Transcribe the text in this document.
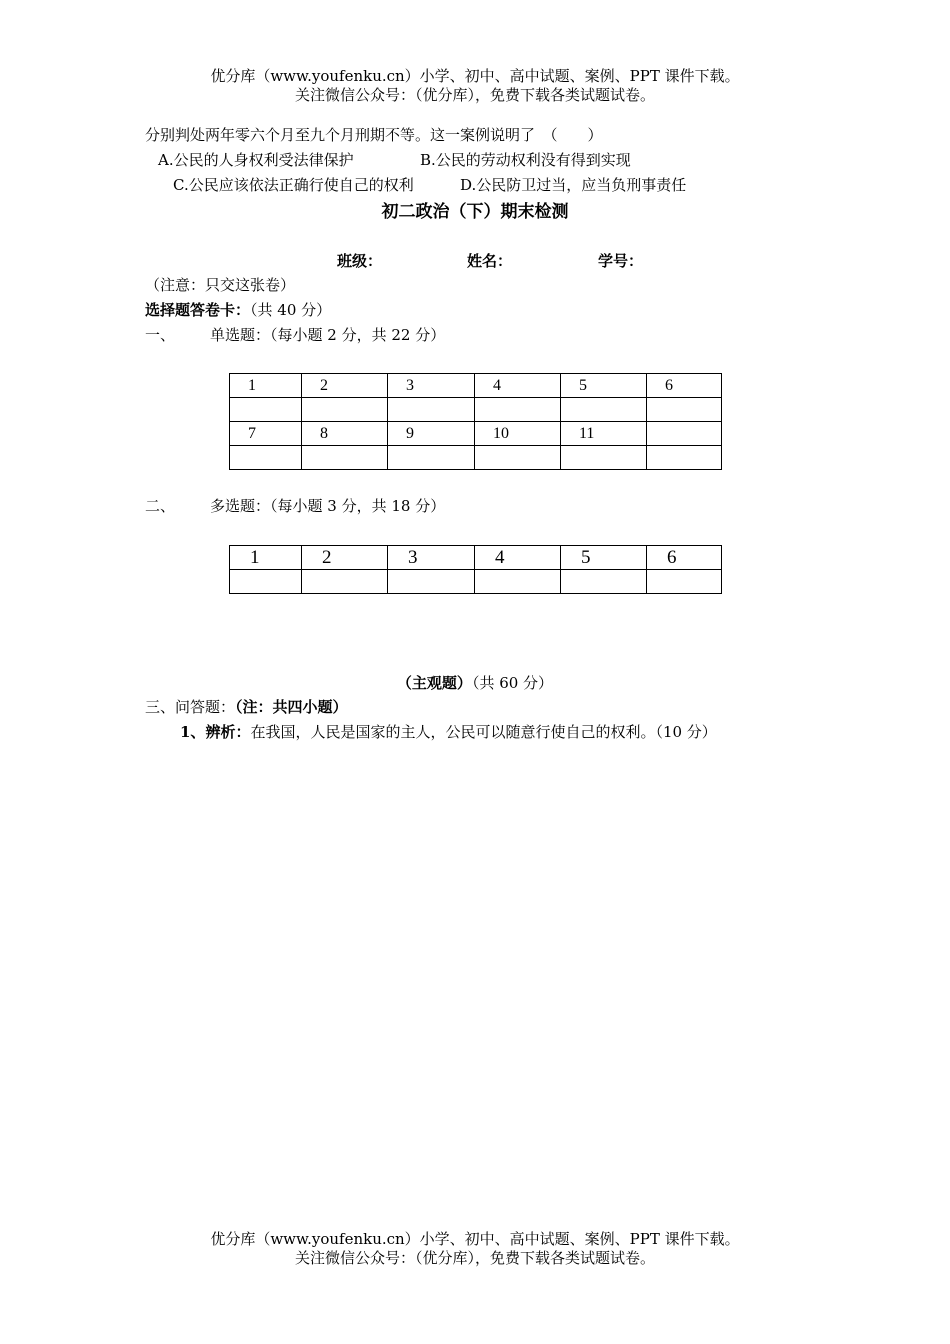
优分库（www.youfenku.cn）小学、初中、高中试题、案例、PPT 课件下载。
关注微信公众号：（优分库），免费下载各类试题试卷。
分别判处两年零六个月至九个月刑期不等。这一案例说明了　（　　）
A.公民的人身权利受法律保护	B.公民的劳动权利没有得到实现
C.公民应该依法正确行使自己的权利	D.公民防卫过当，应当负刑事责任
初二政治（下）期末检测
班级：	姓名：	学号：
（注意：只交这张卷）
选择题答卷卡：（共 40 分）
一、 单选题：（每小题 2 分，共 22 分）
1	2	3	4	5	6

7	8	9	10	11	

二、 多选题：（每小题 3 分，共 18 分）
1	2	3	4	5	6

（主观题）（共 60 分）
三、问答题：（注：共四小题）
1、辨析：在我国，人民是国家的主人，公民可以随意行使自己的权利。（10 分）
优分库（www.youfenku.cn）小学、初中、高中试题、案例、PPT 课件下载。
关注微信公众号：（优分库），免费下载各类试题试卷。
